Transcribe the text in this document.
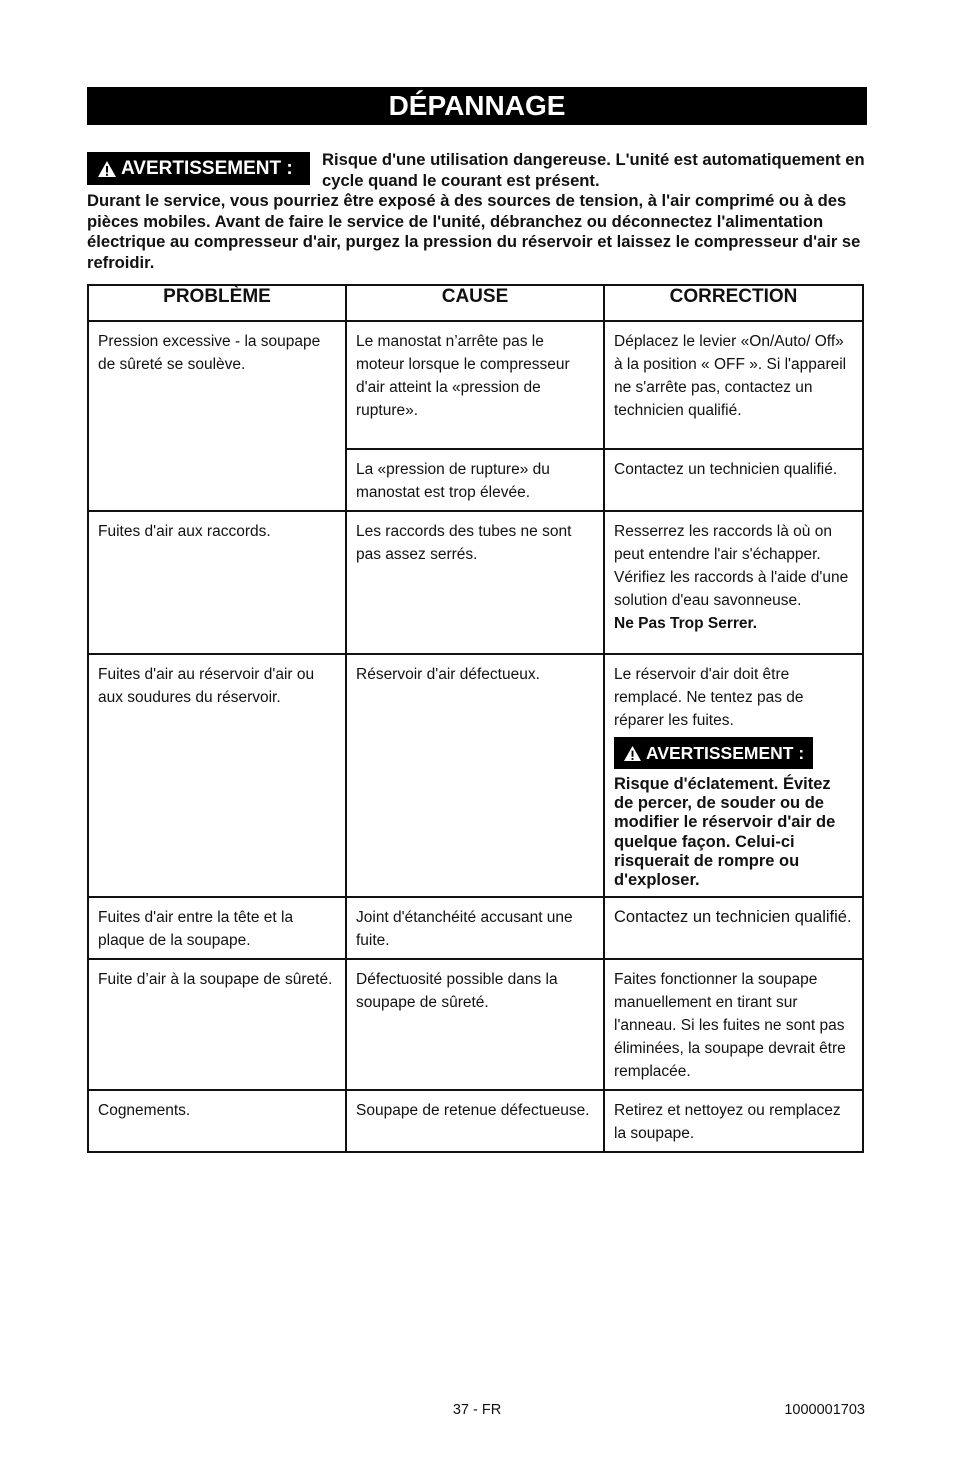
DÉPANNAGE
AVERTISSEMENT :	Risque d'une utilisation dangereuse. L'unité est automatiquement en cycle quand le courant est présent.
Durant le service, vous pourriez être exposé à des sources de tension, à l'air comprimé ou à des pièces mobiles. Avant de faire le service de l'unité, débranchez ou déconnectez l'alimentation électrique au compresseur d'air, purgez la pression du réservoir et laissez le compresseur d'air se refroidir.
PROBLÈME	CAUSE	CORRECTION
Pression excessive - la soupape de sûreté se soulève.	Le manostat n’arrête pas le moteur lorsque le compresseur d'air atteint la «pression de rupture».	Déplacez le levier «On/Auto/ Off» à la position « OFF ». Si l'appareil ne s'arrête pas, contactez un technicien qualifié.
	La «pression de rupture» du manostat est trop élevée.	Contactez un technicien qualifié.
Fuites d'air aux raccords.	Les raccords des tubes ne sont pas assez serrés.	Resserrez les raccords là où on peut entendre l'air s'échapper. Vérifiez les raccords à l'aide d'une solution d'eau savonneuse.
Ne Pas Trop Serrer.

Fuites d'air au réservoir d'air ou aux soudures du réservoir.	Réservoir d'air défectueux.	Le réservoir d'air doit être remplacé. Ne tentez pas de réparer les fuites.
AVERTISSEMENT :
Risque d'éclatement. Évitez de percer, de souder ou de modifier le réservoir d'air de quelque façon. Celui-ci risquerait de rompre ou d'exploser.

Fuites d'air entre la tête et la plaque de la soupape.	Joint d'étanchéité accusant une fuite.	Contactez un technicien qualifié.
Fuite d’air à la soupape de sûreté.	Défectuosité possible dans la soupape de sûreté.	Faites fonctionner la soupape manuellement en tirant sur l'anneau. Si les fuites ne sont pas éliminées, la soupape devrait être remplacée.
Cognements.	Soupape de retenue défectueuse.	Retirez et nettoyez ou remplacez la soupape.
37 - FR	1000001703
